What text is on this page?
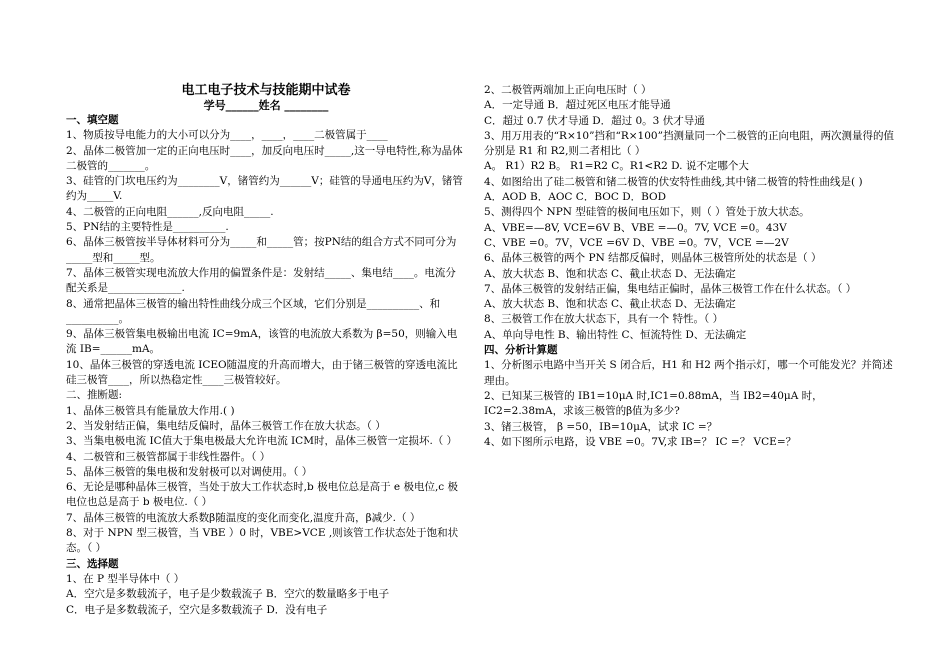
电工电子技术与技能期中试卷
学号______姓名 ________
一、填空题
1、物质按导电能力的大小可以分为____，____，____二极管属于____
2、晶体二极管加一定的正向电压时____，加反向电压时_____,这一导电特性,称为晶体二极管的_______。
3、硅管的门坎电压约为________V，锗管约为______V；硅管的导通电压约为V，锗管约为_____V.
4、二极管的正向电阻______,反向电阻_____.
5、PN结的主要特性是__________.
6、晶体三极管按半导体材料可分为_____和_____管；按PN结的组合方式不同可分为_____型和_____型。
7、晶体三极管实现电流放大作用的偏置条件是：发射结_____、集电结____。电流分配关系是______________.
8、通常把晶体三极管的输出特性曲线分成三个区域，它们分别是__________、和__________。
9、晶体三极管集电极输出电流 IC=9mA，该管的电流放大系数为 β=50，则输入电流 IB=______mA。
10、晶体三极管的穿透电流 ICEO随温度的升高而增大，由于锗三极管的穿透电流比硅三极管____，所以热稳定性____三极管较好。
二、推断题:
1、晶体三极管具有能量放大作用.( )
2、当发射结正偏，集电结反偏时，晶体三极管工作在放大状态。（ ）
3、当集电极电流 IC值大于集电极最大允许电流 ICM时，晶体三极管一定损坏.（ ）
4、二极管和三极管都属于非线性器件。（ ）
5、晶体三极管的集电极和发射极可以对调使用。（ ）
6、无论是哪种晶体三极管，当处于放大工作状态时,b 极电位总是高于 e 极电位,c 极电位也总是高于 b 极电位.（ ）
7、晶体三极管的电流放大系数β随温度的变化而变化,温度升高，β减少.（ ）
8、对于 NPN 型三极管，当 VBE ）0 时，VBE>VCE ,则该管工作状态处于饱和状态。（ ）
三、选择题
1、在 P 型半导体中（ ）
A．空穴是多数载流子，电子是少数载流子 B．空穴的数量略多于电子
C．电子是多数载流子，空穴是多数载流子 D．没有电子
2、二极管两端加上正向电压时（ ）
A．一定导通 B．超过死区电压才能导通
C．超过 0.7 伏才导通 D．超过 0。3 伏才导通
3、用万用表的“R×10”挡和“R×100”挡测量同一个二极管的正向电阻，两次测量得的值分别是 R1 和 R2,则二者相比（ ）
A。 R1）R2 B。 R1=R2 C。R1<R2 D. 说不定哪个大
4、如图给出了硅二极管和锗二极管的伏安特性曲线,其中锗二极管的特性曲线是( )
A．AOD B．AOC C．BOC D．BOD
5、测得四个 NPN 型硅管的极间电压如下，则（ ）管处于放大状态。
A、VBE=—8V, VCE=6V B、VBE =—0。7V, VCE =0。43V
C、VBE =0。7V，VCE =6V D、VBE =0。7V，VCE =—2V
6、晶体三极管的两个 PN 结都反偏时，则晶体三极管所处的状态是（ ）
A、放大状态 B、饱和状态 C、截止状态 D、无法确定
7、晶体三极管的发射结正偏，集电结正偏时，晶体三极管工作在什么状态。（ ）
A、放大状态 B、饱和状态 C、截止状态 D、无法确定
8、三极管工作在放大状态下，具有一个 特性。（ ）
A、单向导电性 B、输出特性 C、恒流特性 D、无法确定
四、分析计算题
1、分析图示电路中当开关 S 闭合后，H1 和 H2 两个指示灯，哪一个可能发光？并简述理由。
2、已知某三极管的 IB1=10μA 时,IC1=0.88mA，当 IB2=40μA 时，IC2=2.38mA，求该三极管的β值为多少?
3、锗三极管， β =50，IB=10μA，试求 IC =？
4、如下图所示电路，设 VBE =0。7V,求 IB=？ IC =？ VCE=？
